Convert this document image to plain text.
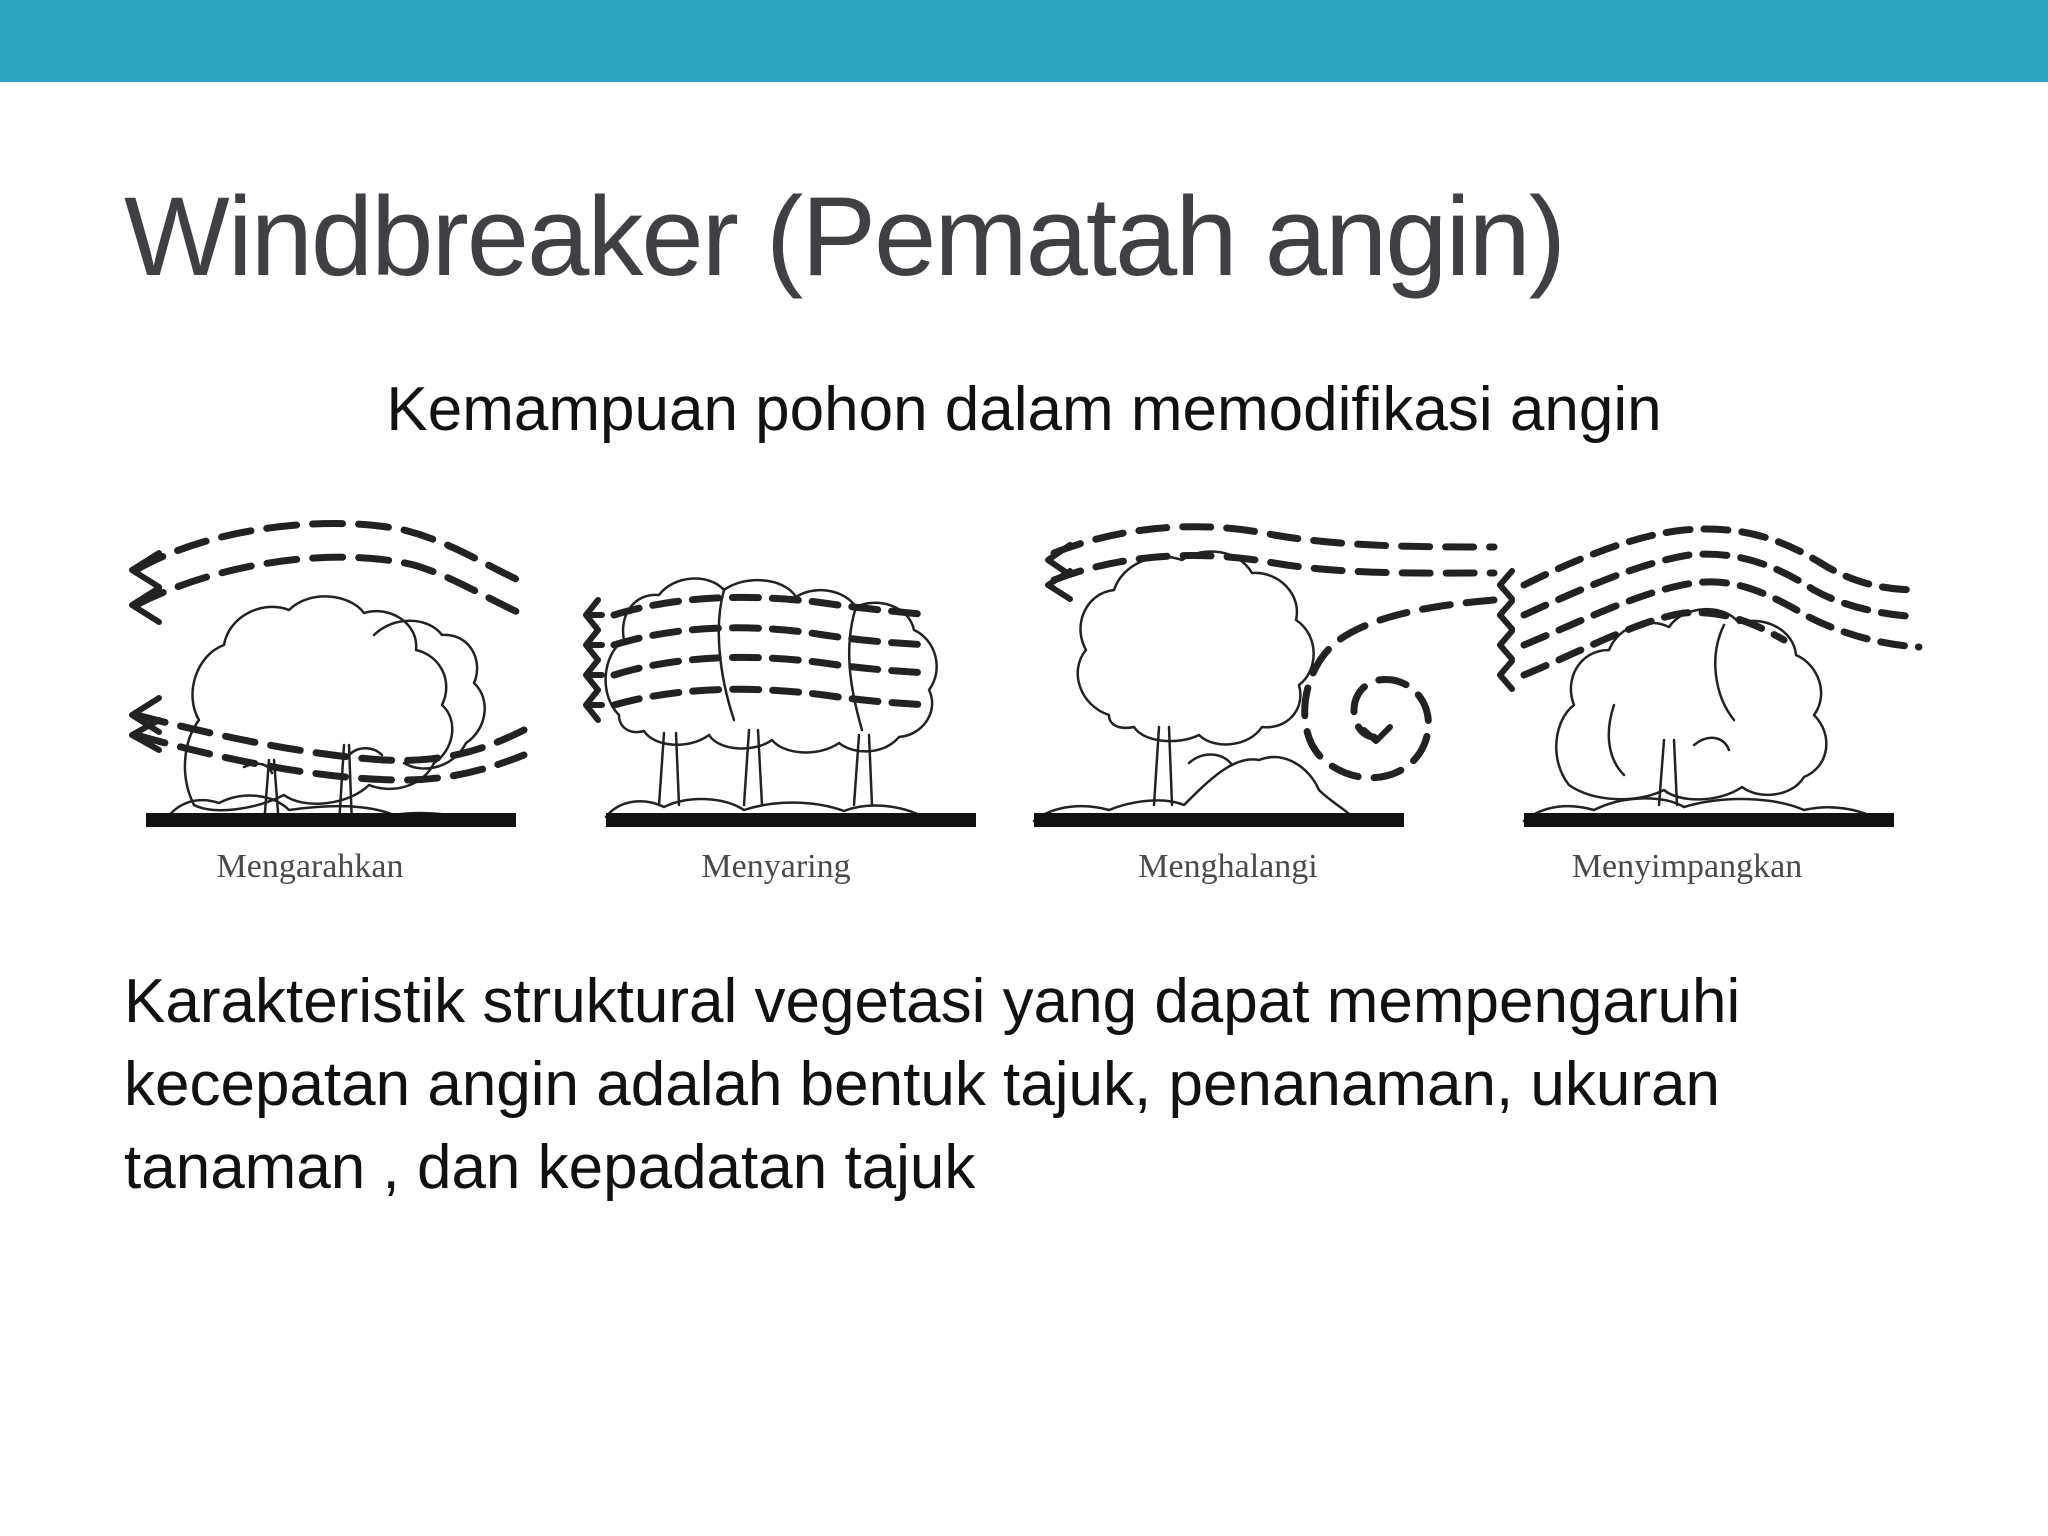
Windbreaker (Pematah angin)
Kemampuan pohon dalam memodifikasi angin
Mengarahkan	Menyaring	Menghalangi	Menyimpangkan

Karakteristik struktural vegetasi yang dapat mempengaruhi kecepatan angin adalah bentuk tajuk, penanaman, ukuran tanaman , dan kepadatan tajuk
